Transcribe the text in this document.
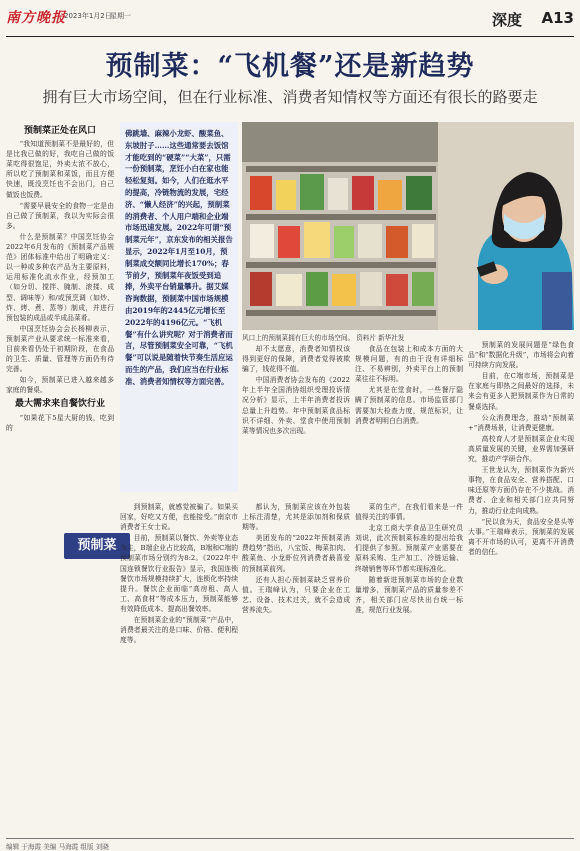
南方晚报
2023年1月2日
星期一	深度 A13
预制菜：“飞机餐”还是新趋势
拥有巨大市场空间，但在行业标准、消费者知情权等方面还有很长的路要走
预制菜正处在风口

“我知道预制菜不是最好的，但是比我已做的好，我吃自己做的饭菜吃得很饱足，外卖太浓不放心，所以吃了预制菜和菜饭，而且方便快速，既没烹饪也不会出门，自己做饭也饭费。

“需要早晨安全的食物一定是由自己做了预制菜，我以为实际会很多。

什么是预制菜？中国烹饪协会2022年6月发布的《预制菜产品规范》团体标准中给出了明确定义：以一种或多种农产品为主要原料，运用标准化流水作业，经预加工（如分切、搅拌、腌制、滚揉、成型、调味等）和/或预烹调（如炒、炸、烤、煮、蒸等）制成，并进行预包装的成品或半成品菜肴。

中国烹饪协会会长杨柳表示，预制菜产业从要求统一标准来看，目前来看仍处于初期阶段，在食品的卫生、质量、管理等方面仍有待完善。

如今，预制菜已进入越来越多家庭的餐桌。

最大需求来自餐饮行业

“如果花下5星大厨的钱，吃到的

佛跳墙、麻辣小龙虾、酸菜鱼、东坡肘子……这些通常要去饭馆才能吃到的“硬菜”“大菜”，只需一份预制菜，烹饪小白在家也能轻松复刻。如今，人们在逛水平的提高，冷链物流的发展，宅经济、“懒人经济”的兴起，预制菜的消费者、个人用户端和企业端市场迅速发展。2022年可谓“预制菜元年”，京东发布的相关报告显示，2022年1月至10月，预制菜成交额同比增长170%；春节前夕，预制菜年夜饭受到追捧，外卖平台销量攀升。据艾媒咨询数据，预制菜中国市场规模由2019年的2445亿元增长至2022年的4196亿元。“飞机餐”有什么讲究呢？对于消费者而言，尽管预制菜安全可靠，“飞机餐”可以说是随着快节奏生活应运而生的产品，我们应当在行业标准、消费者知情权等方面完善。

预制菜
风口上的预制菜拥有巨大的市场空间。 资料片 新华社发

却不太愿意，消费者知情权该得到更好的保障，消费者觉得被欺骗了，钱花得不值。

中国消费者协会发布的《2022年上半年全国消协组织受理投诉情况分析》显示，上半年消费者投诉总量上升趋势。年中预制菜食品标识不详细、外卖、堂食中使用预制菜等情况也多次出现。

食品在包装上和成本方面的大规模问题，有的由于没有详细标注、不易辨别，外卖平台上的预制菜往往不标明。

尤其是在堂食时，一些餐厅隐瞒了预制菜的信息。市场监管部门需要加大检查力度，规范标识，让消费者明明白白消费。

预制菜的发展问题是“绿色食品”和“数据化升级”，市场将会向着可持续方向发展。

目前，在C端市场，预制菜是在家庭与即热之间最好的选择，未来会有更多人把预制菜作为日常的餐桌选择。

公众消费理念，推动“预制菜+”消费场景，让消费更健康。

高校育人才是预制菜企业实现高质量发展的关键，业界需加强研究，推动产学研合作。

王世龙认为，预制菜作为新兴事物，在食品安全、营养搭配、口味还原等方面仍存在不少挑战。消费者、企业和相关部门应共同努力，推动行业走向成熟。

“民以食为天，食品安全是头等大事。”王瑞峰表示，预制菜的发展离不开市场的认可，更离不开消费者的信任。

到预制菜，就感觉被骗了。如果买回家，好吃又方便，也能接受。”南京市消费者王女士说。

目前，预制菜以餐饮、外卖等业态为主，B端企业占比较高，B端和C端的预制菜市场分别约为8:2。《2022年中国连锁餐饮行业报告》显示，我国连锁餐饮市场规模持续扩大，连锁化率持续提升。餐饮企业面临“高房租、高人工、高食材”等成本压力，预制菜能够有效降低成本、提高出餐效率。

在预制菜企业的“预制菜”产品中，消费者最关注的是口味、价格、便利程度等。

都认为，预制菜应该在外包装上标注清楚，尤其是添加剂和保质期等。

美团发布的“2022年预制菜消费趋势”指出，八宝饭、梅菜扣肉、酸菜鱼、小龙虾位列消费者最喜爱的预制菜前列。

还有人担心预制菜缺乏营养价值。王瑞峰认为，只要企业在工艺、设备、技术过关，就不会造成营养流失。

菜的生产，在我们看来是一件值得关注的事情。

北京工商大学食品卫生研究员刘说，此次预制菜标准的提出给我们提供了参照。预制菜产业需要在原料采购、生产加工、冷链运输、终端销售等环节都实现标准化。

随着新进预制菜市场的企业数量增多，预制菜产品的质量参差不齐，相关部门应尽快出台统一标准，规范行业发展。

编辑 于海霞 美编 马海霞 组版 刘晓
